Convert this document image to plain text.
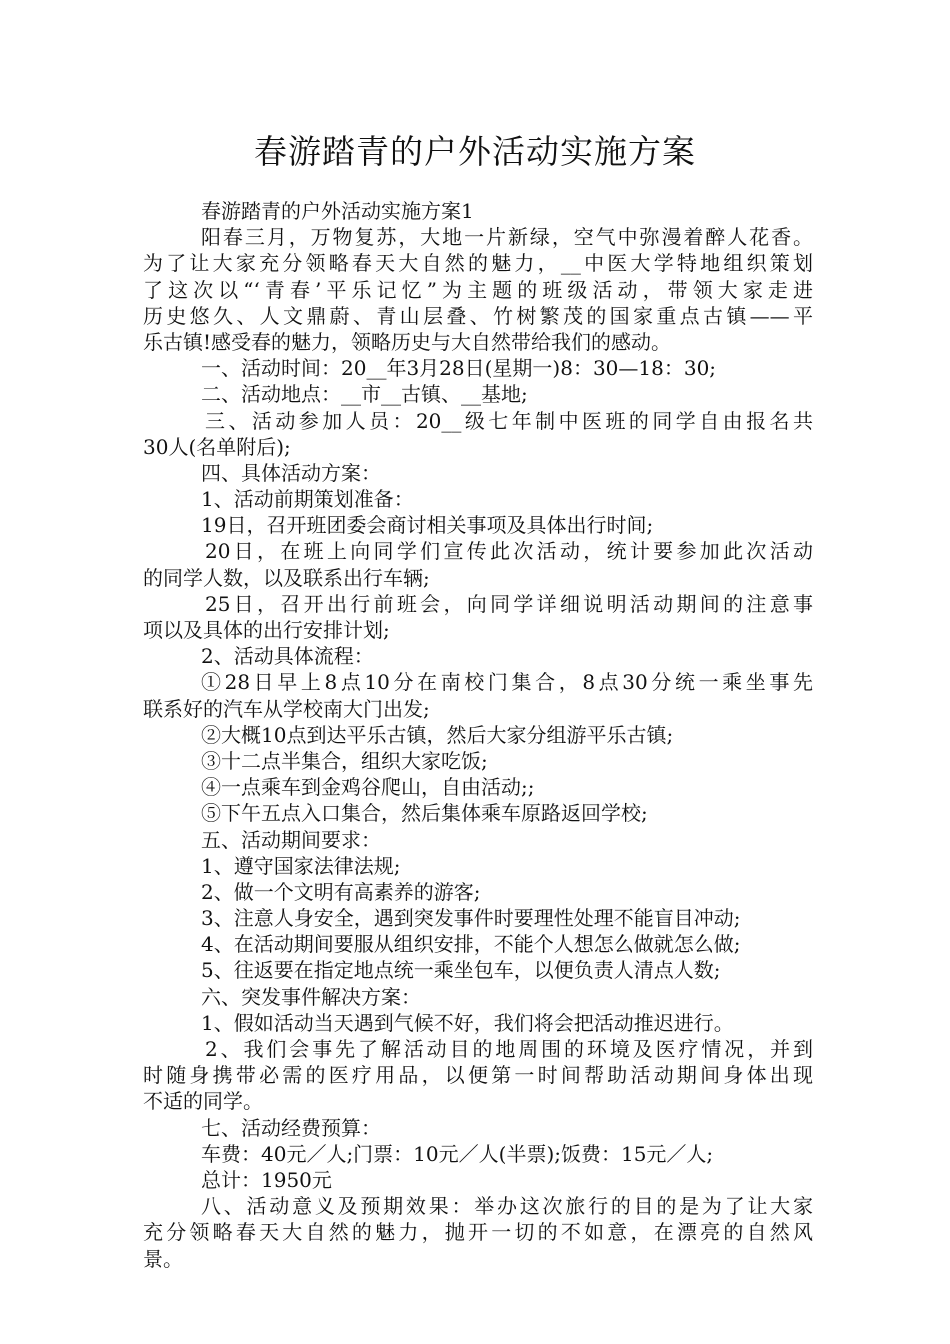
春游踏青的户外活动实施方案
春游踏青的户外活动实施方案1
阳春三月，万物复苏，大地一片新绿，空气中弥漫着醉人花香。
为了让大家充分领略春天大自然的魅力，__中医大学特地组织策划
了这次以“‘青春’平乐记忆”为主题的班级活动，带领大家走进
历史悠久、人文鼎蔚、青山层叠、竹树繁茂的国家重点古镇——平
乐古镇!感受春的魅力，领略历史与大自然带给我们的感动。
一、活动时间：20__年3月28日(星期一)8：30—18：30;
二、活动地点：__市__古镇、__基地;
三、活动参加人员：20__级七年制中医班的同学自由报名共
30人(名单附后);
四、具体活动方案：
1、活动前期策划准备：
19日，召开班团委会商讨相关事项及具体出行时间;
20日，在班上向同学们宣传此次活动，统计要参加此次活动
的同学人数，以及联系出行车辆;
25日，召开出行前班会，向同学详细说明活动期间的注意事
项以及具体的出行安排计划;
2、活动具体流程：
①28日早上8点10分在南校门集合，8点30分统一乘坐事先
联系好的汽车从学校南大门出发;
②大概10点到达平乐古镇，然后大家分组游平乐古镇;
③十二点半集合，组织大家吃饭;
④一点乘车到金鸡谷爬山，自由活动;;
⑤下午五点入口集合，然后集体乘车原路返回学校;
五、活动期间要求：
1、遵守国家法律法规;
2、做一个文明有高素养的游客;
3、注意人身安全，遇到突发事件时要理性处理不能盲目冲动;
4、在活动期间要服从组织安排，不能个人想怎么做就怎么做;
5、往返要在指定地点统一乘坐包车，以便负责人清点人数;
六、突发事件解决方案：
1、假如活动当天遇到气候不好，我们将会把活动推迟进行。
2、我们会事先了解活动目的地周围的环境及医疗情况，并到
时随身携带必需的医疗用品，以便第一时间帮助活动期间身体出现
不适的同学。
七、活动经费预算：
车费：40元／人;门票：10元／人(半票);饭费：15元／人;
总计：1950元
八、活动意义及预期效果：举办这次旅行的目的是为了让大家
充分领略春天大自然的魅力，抛开一切的不如意，在漂亮的自然风
景。
